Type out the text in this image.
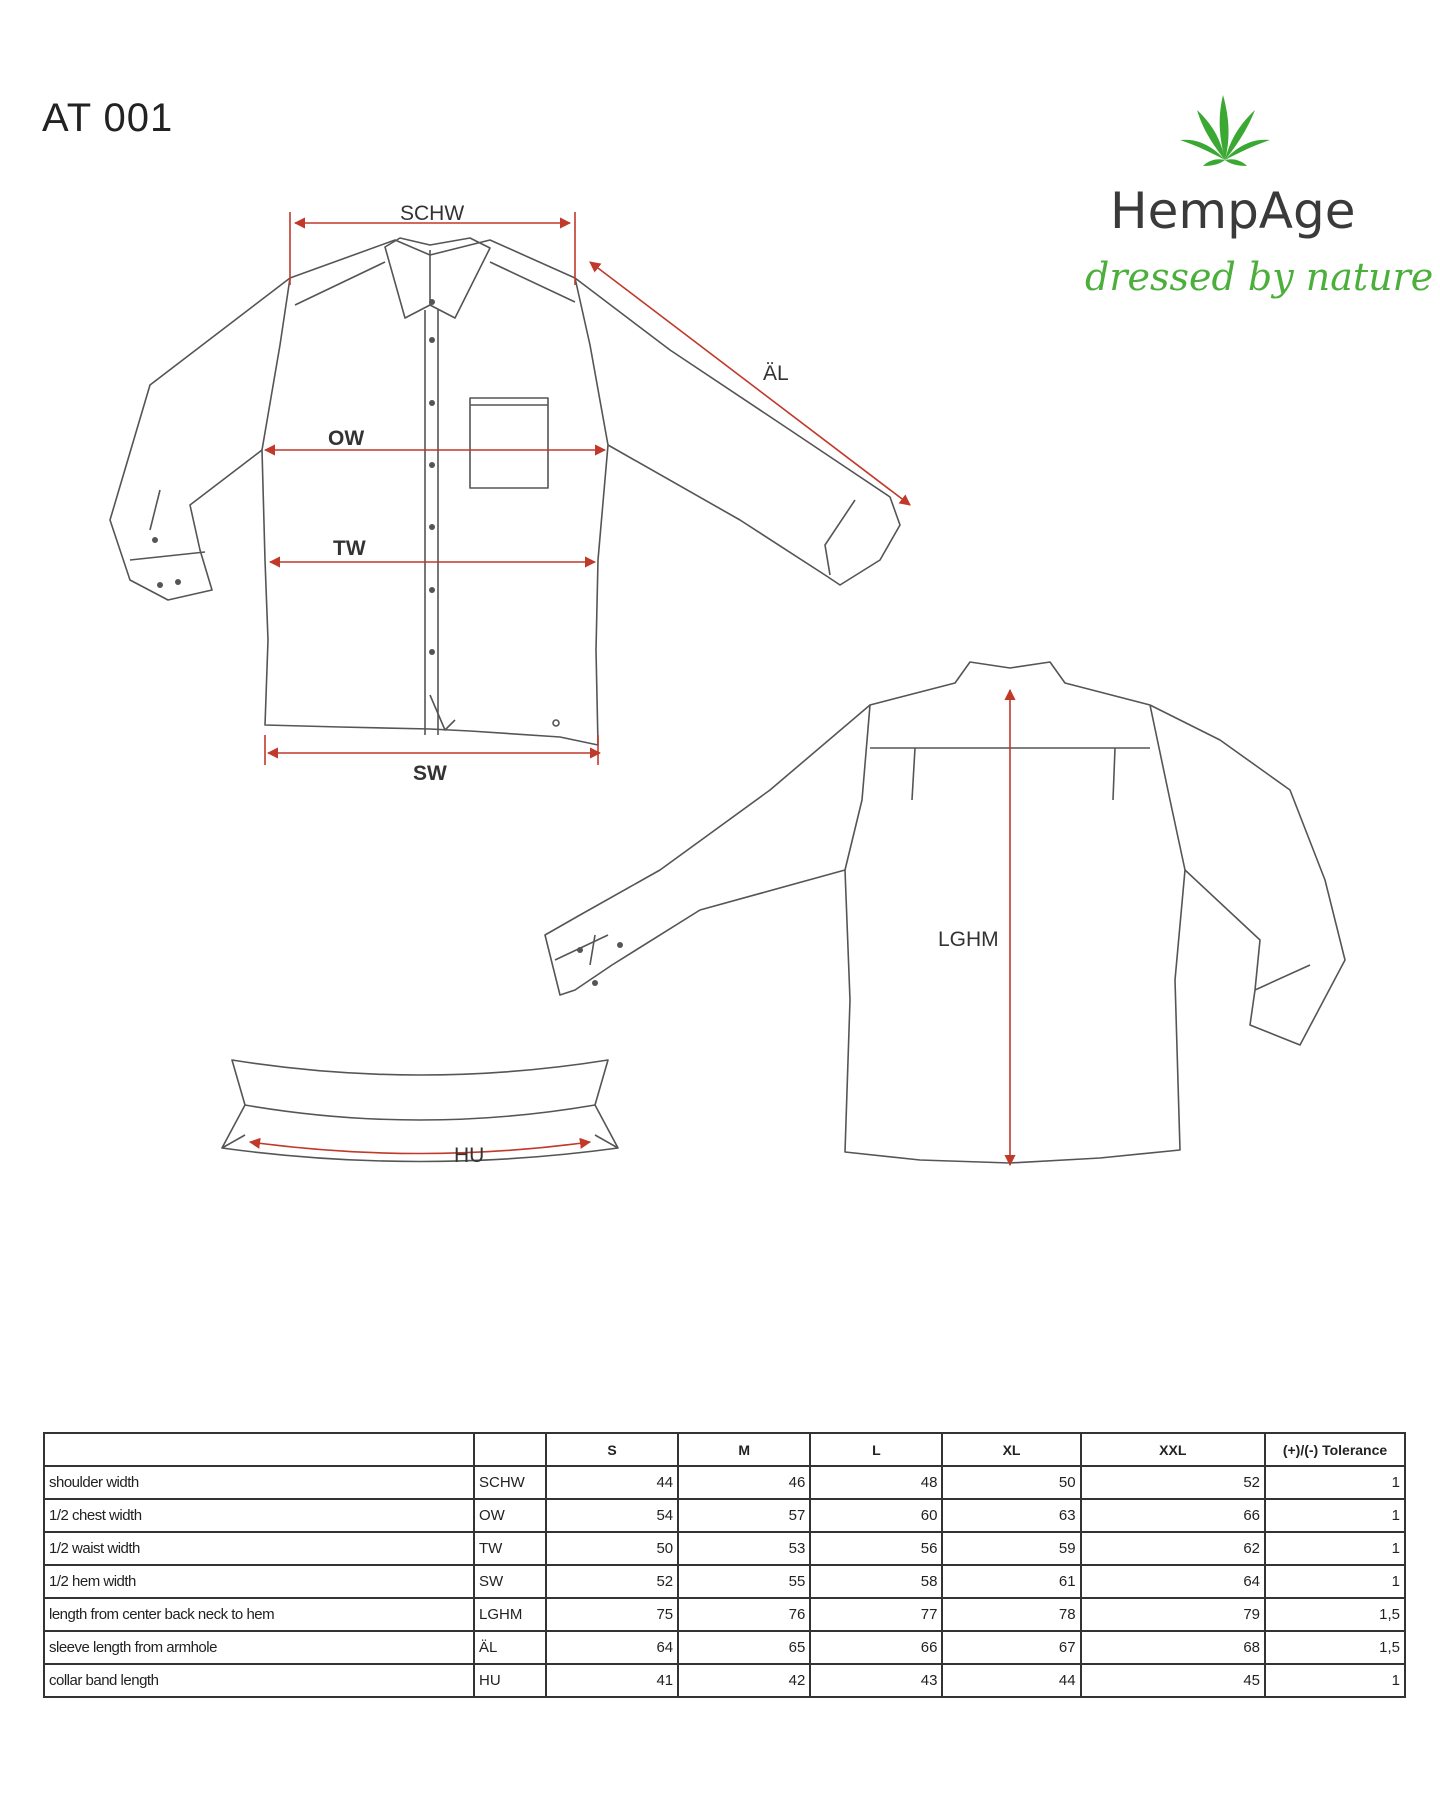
AT 001
HempAge
dressed by nature
SCHW
ÄL
OW
TW
SW
LGHM
HU
		S	M	L	XL	XXL	(+)/(-) Tolerance
shoulder width	SCHW	44	46	48	50	52	1
1/2 chest width	OW	54	57	60	63	66	1
1/2 waist width	TW	50	53	56	59	62	1
1/2 hem width	SW	52	55	58	61	64	1
length from center back neck to hem	LGHM	75	76	77	78	79	1,5
sleeve length from armhole	ÄL	64	65	66	67	68	1,5
collar band length	HU	41	42	43	44	45	1
